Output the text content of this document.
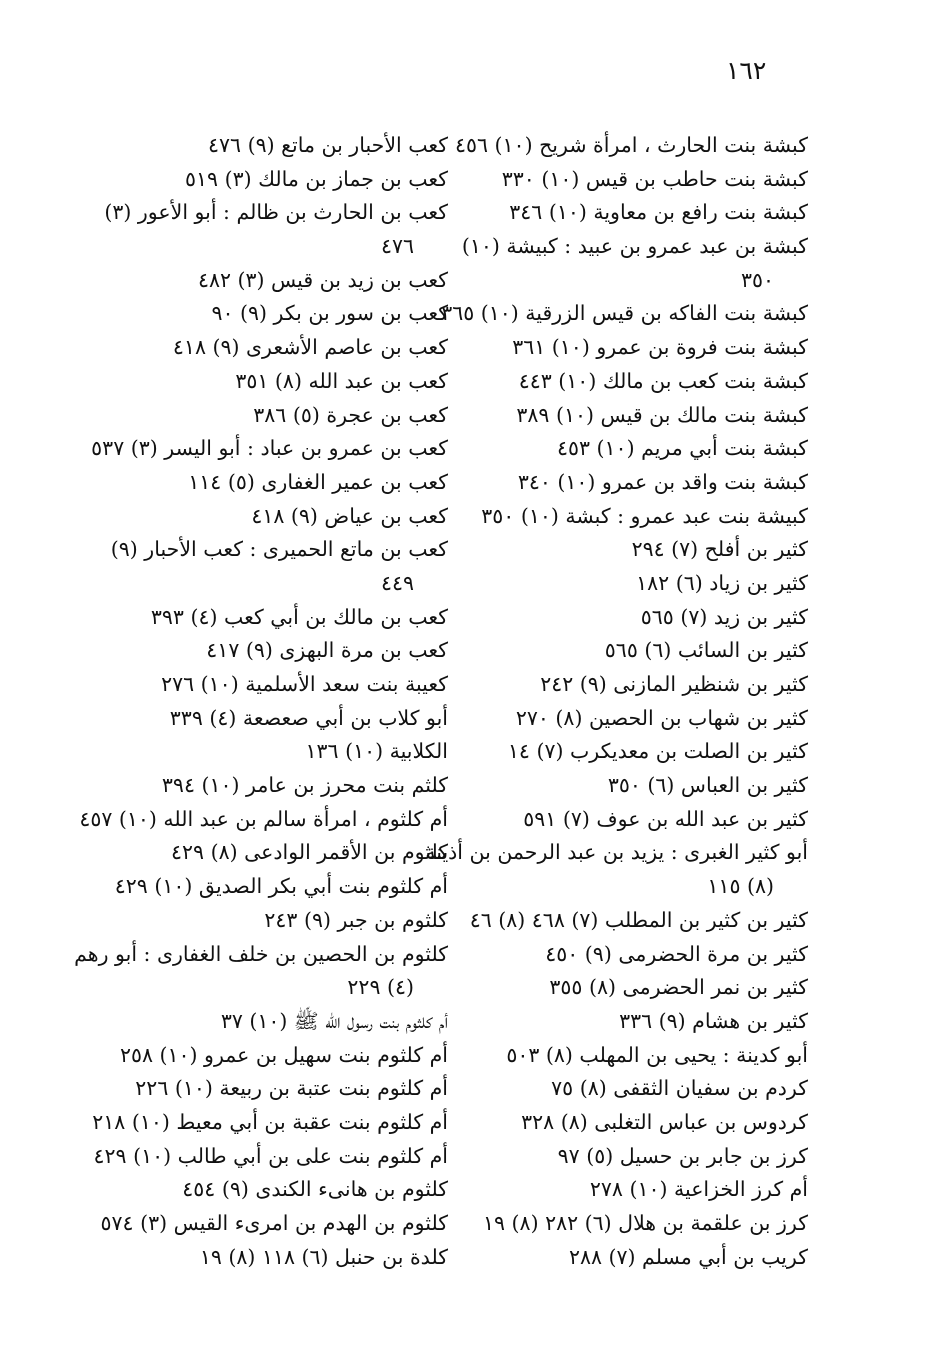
١٦٢
كبشة بنت الحارث ، امرأة شريح (١٠) ٤٥٦
كبشة بنت حاطب بن قيس (١٠) ٣٣٠
كبشة بنت رافع بن معاوية (١٠) ٣٤٦
كبشة بن عبد عمرو بن عبيد : كبيشة (١٠)
٣٥٠
كبشة بنت الفاكه بن قيس الزرقية (١٠) ٣٦٥
كبشة بنت فروة بن عمرو (١٠) ٣٦١
كبشة بنت كعب بن مالك (١٠) ٤٤٣
كبشة بنت مالك بن قيس (١٠) ٣٨٩
كبشة بنت أبي مريم (١٠) ٤٥٣
كبشة بنت واقد بن عمرو (١٠) ٣٤٠
كبيشة بنت عبد عمرو : كبشة (١٠) ٣٥٠
كثير بن أفلح (٧) ٢٩٤
كثير بن زياد (٦) ١٨٢
كثير بن زيد (٧) ٥٦٥
كثير بن السائب (٦) ٥٦٥
كثير بن شنظير المازنى (٩) ٢٤٢
كثير بن شهاب بن الحصين (٨) ٢٧٠
كثير بن الصلت بن معديكرب (٧) ١٤
كثير بن العباس (٦) ٣٥٠
كثير بن عبد الله بن عوف (٧) ٥٩١
أبو كثير الغبرى : يزيد بن عبد الرحمن بن أذينة
(٨) ١١٥
كثير بن كثير بن المطلب (٧) ٤٦٨ (٨) ٤٦
كثير بن مرة الحضرمى (٩) ٤٥٠
كثير بن نمر الحضرمى (٨) ٣٥٥
كثير بن هشام (٩) ٣٣٦
أبو كدينة : يحيى بن المهلب (٨) ٥٠٣
كردم بن سفيان الثقفى (٨) ٧٥
كردوس بن عباس التغلبى (٨) ٣٢٨
كرز بن جابر بن حسيل (٥) ٩٧
أم كرز الخزاعية (١٠) ٢٧٨
كرز بن علقمة بن هلال (٦) ٢٨٢ (٨) ١٩
كريب بن أبي مسلم (٧) ٢٨٨
كعب الأحبار بن ماتع (٩) ٤٧٦
كعب بن جماز بن مالك (٣) ٥١٩
كعب بن الحارث بن ظالم : أبو الأعور (٣)
٤٧٦
كعب بن زيد بن قيس (٣) ٤٨٢
كعب بن سور بن بكر (٩) ٩٠
كعب بن عاصم الأشعرى (٩) ٤١٨
كعب بن عبد الله (٨) ٣٥١
كعب بن عجرة (٥) ٣٨٦
كعب بن عمرو بن عباد : أبو اليسر (٣) ٥٣٧
كعب بن عمير الغفارى (٥) ١١٤
كعب بن عياض (٩) ٤١٨
كعب بن ماتع الحميرى : كعب الأحبار (٩)
٤٤٩
كعب بن مالك بن أبي كعب (٤) ٣٩٣
كعب بن مرة البهزى (٩) ٤١٧
كعيبة بنت سعد الأسلمية (١٠) ٢٧٦
أبو كلاب بن أبي صعصعة (٤) ٣٣٩
الكلابية (١٠) ١٣٦
كلثم بنت محرز بن عامر (١٠) ٣٩٤
أم كلثوم ، امرأة سالم بن عبد الله (١٠) ٤٥٧
كلثوم بن الأقمر الوادعى (٨) ٤٢٩
أم كلثوم بنت أبي بكر الصديق (١٠) ٤٢٩
كلثوم بن جبر (٩) ٢٤٣
كلثوم بن الحصين بن خلف الغفارى : أبو رهم
(٤) ٢٢٩
أم كلثوم بنت رسول الله ﷺ (١٠) ٣٧
أم كلثوم بنت سهيل بن عمرو (١٠) ٢٥٨
أم كلثوم بنت عتبة بن ربيعة (١٠) ٢٢٦
أم كلثوم بنت عقبة بن أبي معيط (١٠) ٢١٨
أم كلثوم بنت على بن أبي طالب (١٠) ٤٢٩
كلثوم بن هانىء الكندى (٩) ٤٥٤
كلثوم بن الهدم بن امرىء القيس (٣) ٥٧٤
كلدة بن حنبل (٦) ١١٨ (٨) ١٩
